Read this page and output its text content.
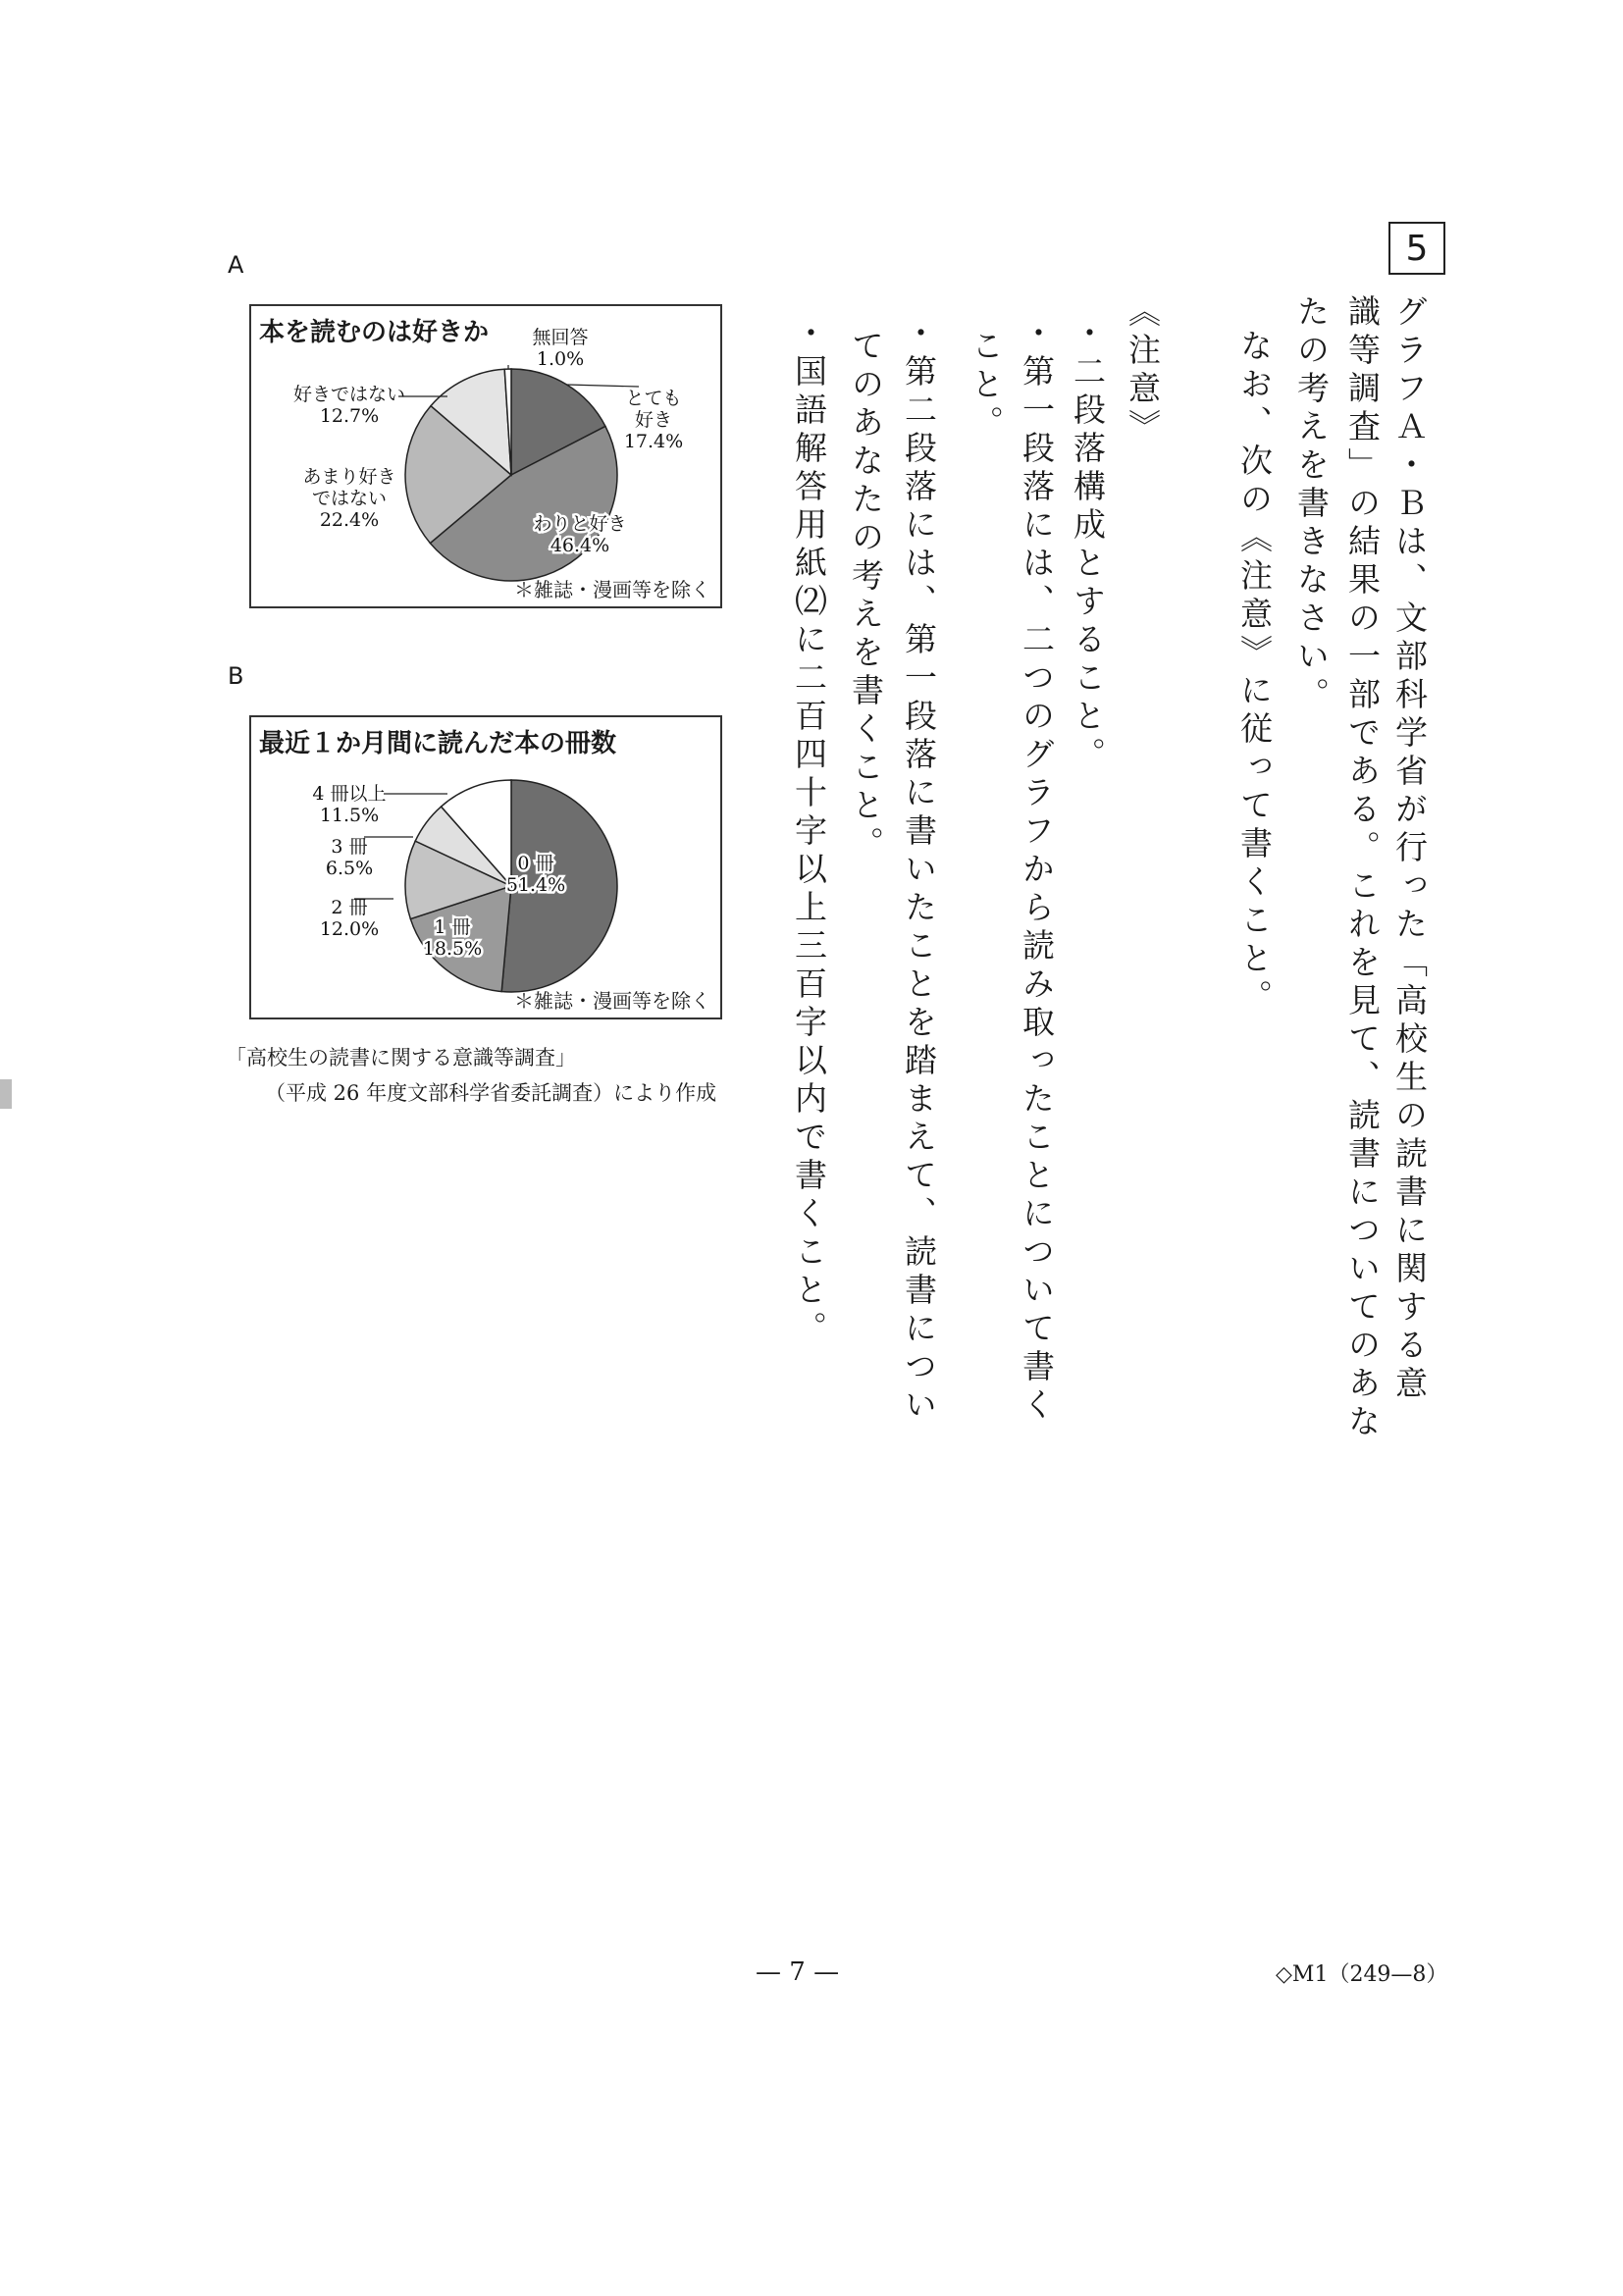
5
グラフＡ・Ｂは、文部科学省が行った「高校生の読書に関する意
識等調査」の結果の一部である。これを見て、読書についてのあな
たの考えを書きなさい。
なお、次の《注意》に従って書くこと。
《注意》
・二段落構成とすること。
・第一段落には、二つのグラフから読み取ったことについて書く
こと。
・第二段落には、第一段落に書いたことを踏まえて、読書につい
てのあなたの考えを書くこと。
・国語解答用紙⑵に二百四十字以上三百字以内で書くこと。
A
本を読むのは好きか
とても好き 17.4%
わりと好き 46.4%
あまり好きではない 22.4%
好きではない 12.7%
無回答 1.0%
＊雑誌・漫画等を除く
B
最近１か月間に読んだ本の冊数
0 冊 51.4%
1 冊 18.5%
2 冊 12.0%
3 冊 6.5%
4 冊以上 11.5%
＊雑誌・漫画等を除く
「高校生の読書に関する意識等調査」
（平成 26 年度文部科学省委託調査）により作成
— 7 —	◇M1（249—8）
